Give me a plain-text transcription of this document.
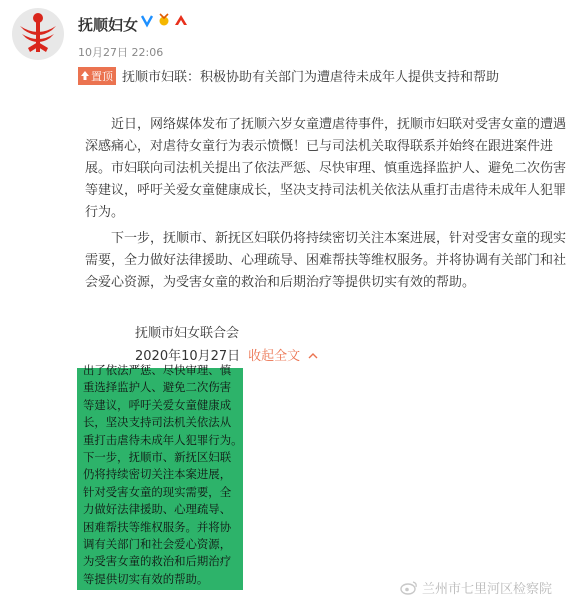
抚顺妇女
10月27日 22:06
置顶 抚顺市妇联：积极协助有关部门为遭虐待未成年人提供支持和帮助
近日，网络媒体发布了抚顺六岁女童遭虐待事件，抚顺市妇联对受害女童的遭遇深感痛心，对虐待女童行为表示愤慨！已与司法机关取得联系并始终在跟进案件进展。市妇联向司法机关提出了依法严惩、尽快审理、慎重选择监护人、避免二次伤害等建议，呼吁关爱女童健康成长，坚决支持司法机关依法从重打击虐待未成年人犯罪行为。
下一步，抚顺市、新抚区妇联仍将持续密切关注本案进展，针对受害女童的现实需要，全力做好法律援助、心理疏导、困难帮扶等维权服务。并将协调有关部门和社会爱心资源，为受害女童的救治和后期治疗等提供切实有效的帮助。
抚顺市妇女联合会
2020年10月27日 收起全文
出了依法严惩、尽快审理、慎重选择监护人、避免二次伤害等建议，呼吁关爱女童健康成长，坚决支持司法机关依法从重打击虐待未成年人犯罪行为。　　下一步，抚顺市、新抚区妇联仍将持续密切关注本案进展，针对受害女童的现实需要，全力做好法律援助、心理疏导、困难帮扶等维权服务。并将协调有关部门和社会爱心资源，为受害女童的救治和后期治疗等提供切实有效的帮助。
兰州市七里河区检察院
